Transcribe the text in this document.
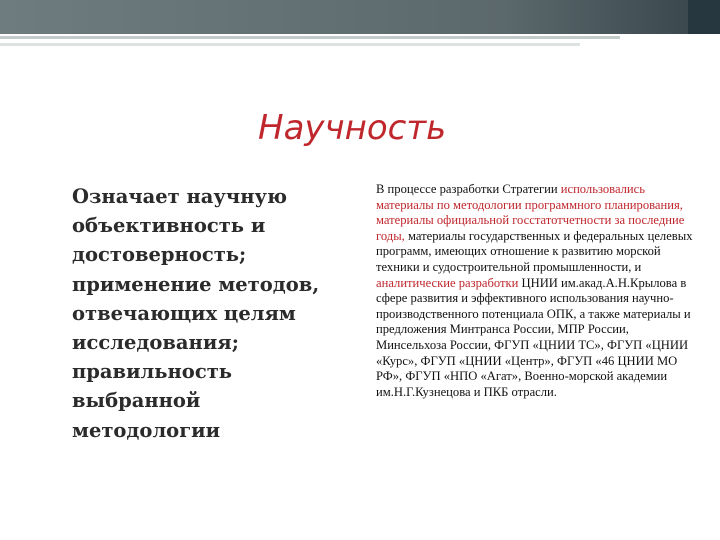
Научность
Означает научную объективность и достоверность; применение методов, отвечающих целям исследования; правильность выбранной методологии
В процессе разработки Стратегии использовались материалы по методологии программного планирования, материалы официальной госстатотчетности за последние годы, материалы государственных и федеральных целевых программ, имеющих отношение к развитию морской техники и судостроительной промышленности, и аналитические разработки ЦНИИ им.акад.А.Н.Крылова в сфере развития и эффективного использования научно-производственного потенциала ОПК, а также материалы и предложения Минтранса России, МПР России, Минсельхоза России, ФГУП «ЦНИИ ТС», ФГУП «ЦНИИ «Курс», ФГУП «ЦНИИ «Центр», ФГУП «46 ЦНИИ МО РФ», ФГУП «НПО «Агат», Военно-морской академии им.Н.Г.Кузнецова и ПКБ отрасли.
